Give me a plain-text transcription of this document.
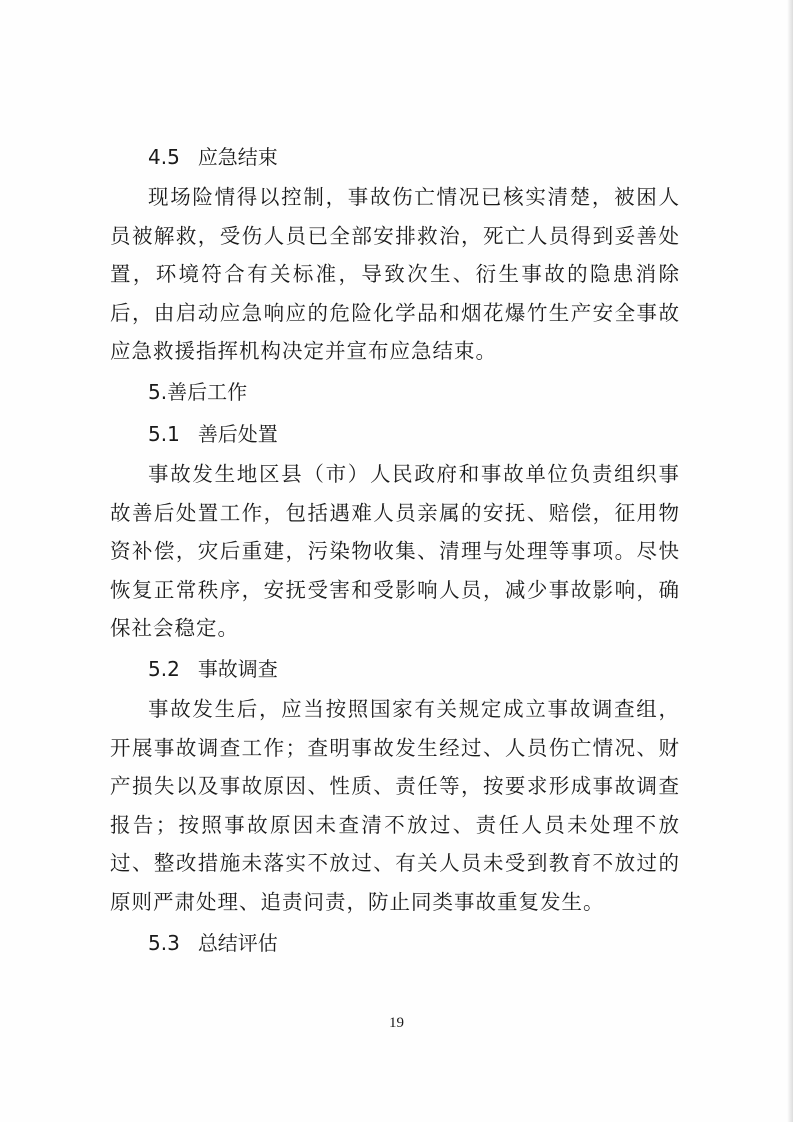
4.5 应急结束

现场险情得以控制，事故伤亡情况已核实清楚，被困人员被解救，受伤人员已全部安排救治，死亡人员得到妥善处置，环境符合有关标准，导致次生、衍生事故的隐患消除后，由启动应急响应的危险化学品和烟花爆竹生产安全事故应急救援指挥机构决定并宣布应急结束。

5.善后工作
5.1 善后处置

事故发生地区县（市）人民政府和事故单位负责组织事故善后处置工作，包括遇难人员亲属的安抚、赔偿，征用物资补偿，灾后重建，污染物收集、清理与处理等事项。尽快恢复正常秩序，安抚受害和受影响人员，减少事故影响，确保社会稳定。

5.2 事故调查

事故发生后，应当按照国家有关规定成立事故调查组，开展事故调查工作；查明事故发生经过、人员伤亡情况、财产损失以及事故原因、性质、责任等，按要求形成事故调查报告；按照事故原因未查清不放过、责任人员未处理不放过、整改措施未落实不放过、有关人员未受到教育不放过的原则严肃处理、追责问责，防止同类事故重复发生。

5.3 总结评估
19
